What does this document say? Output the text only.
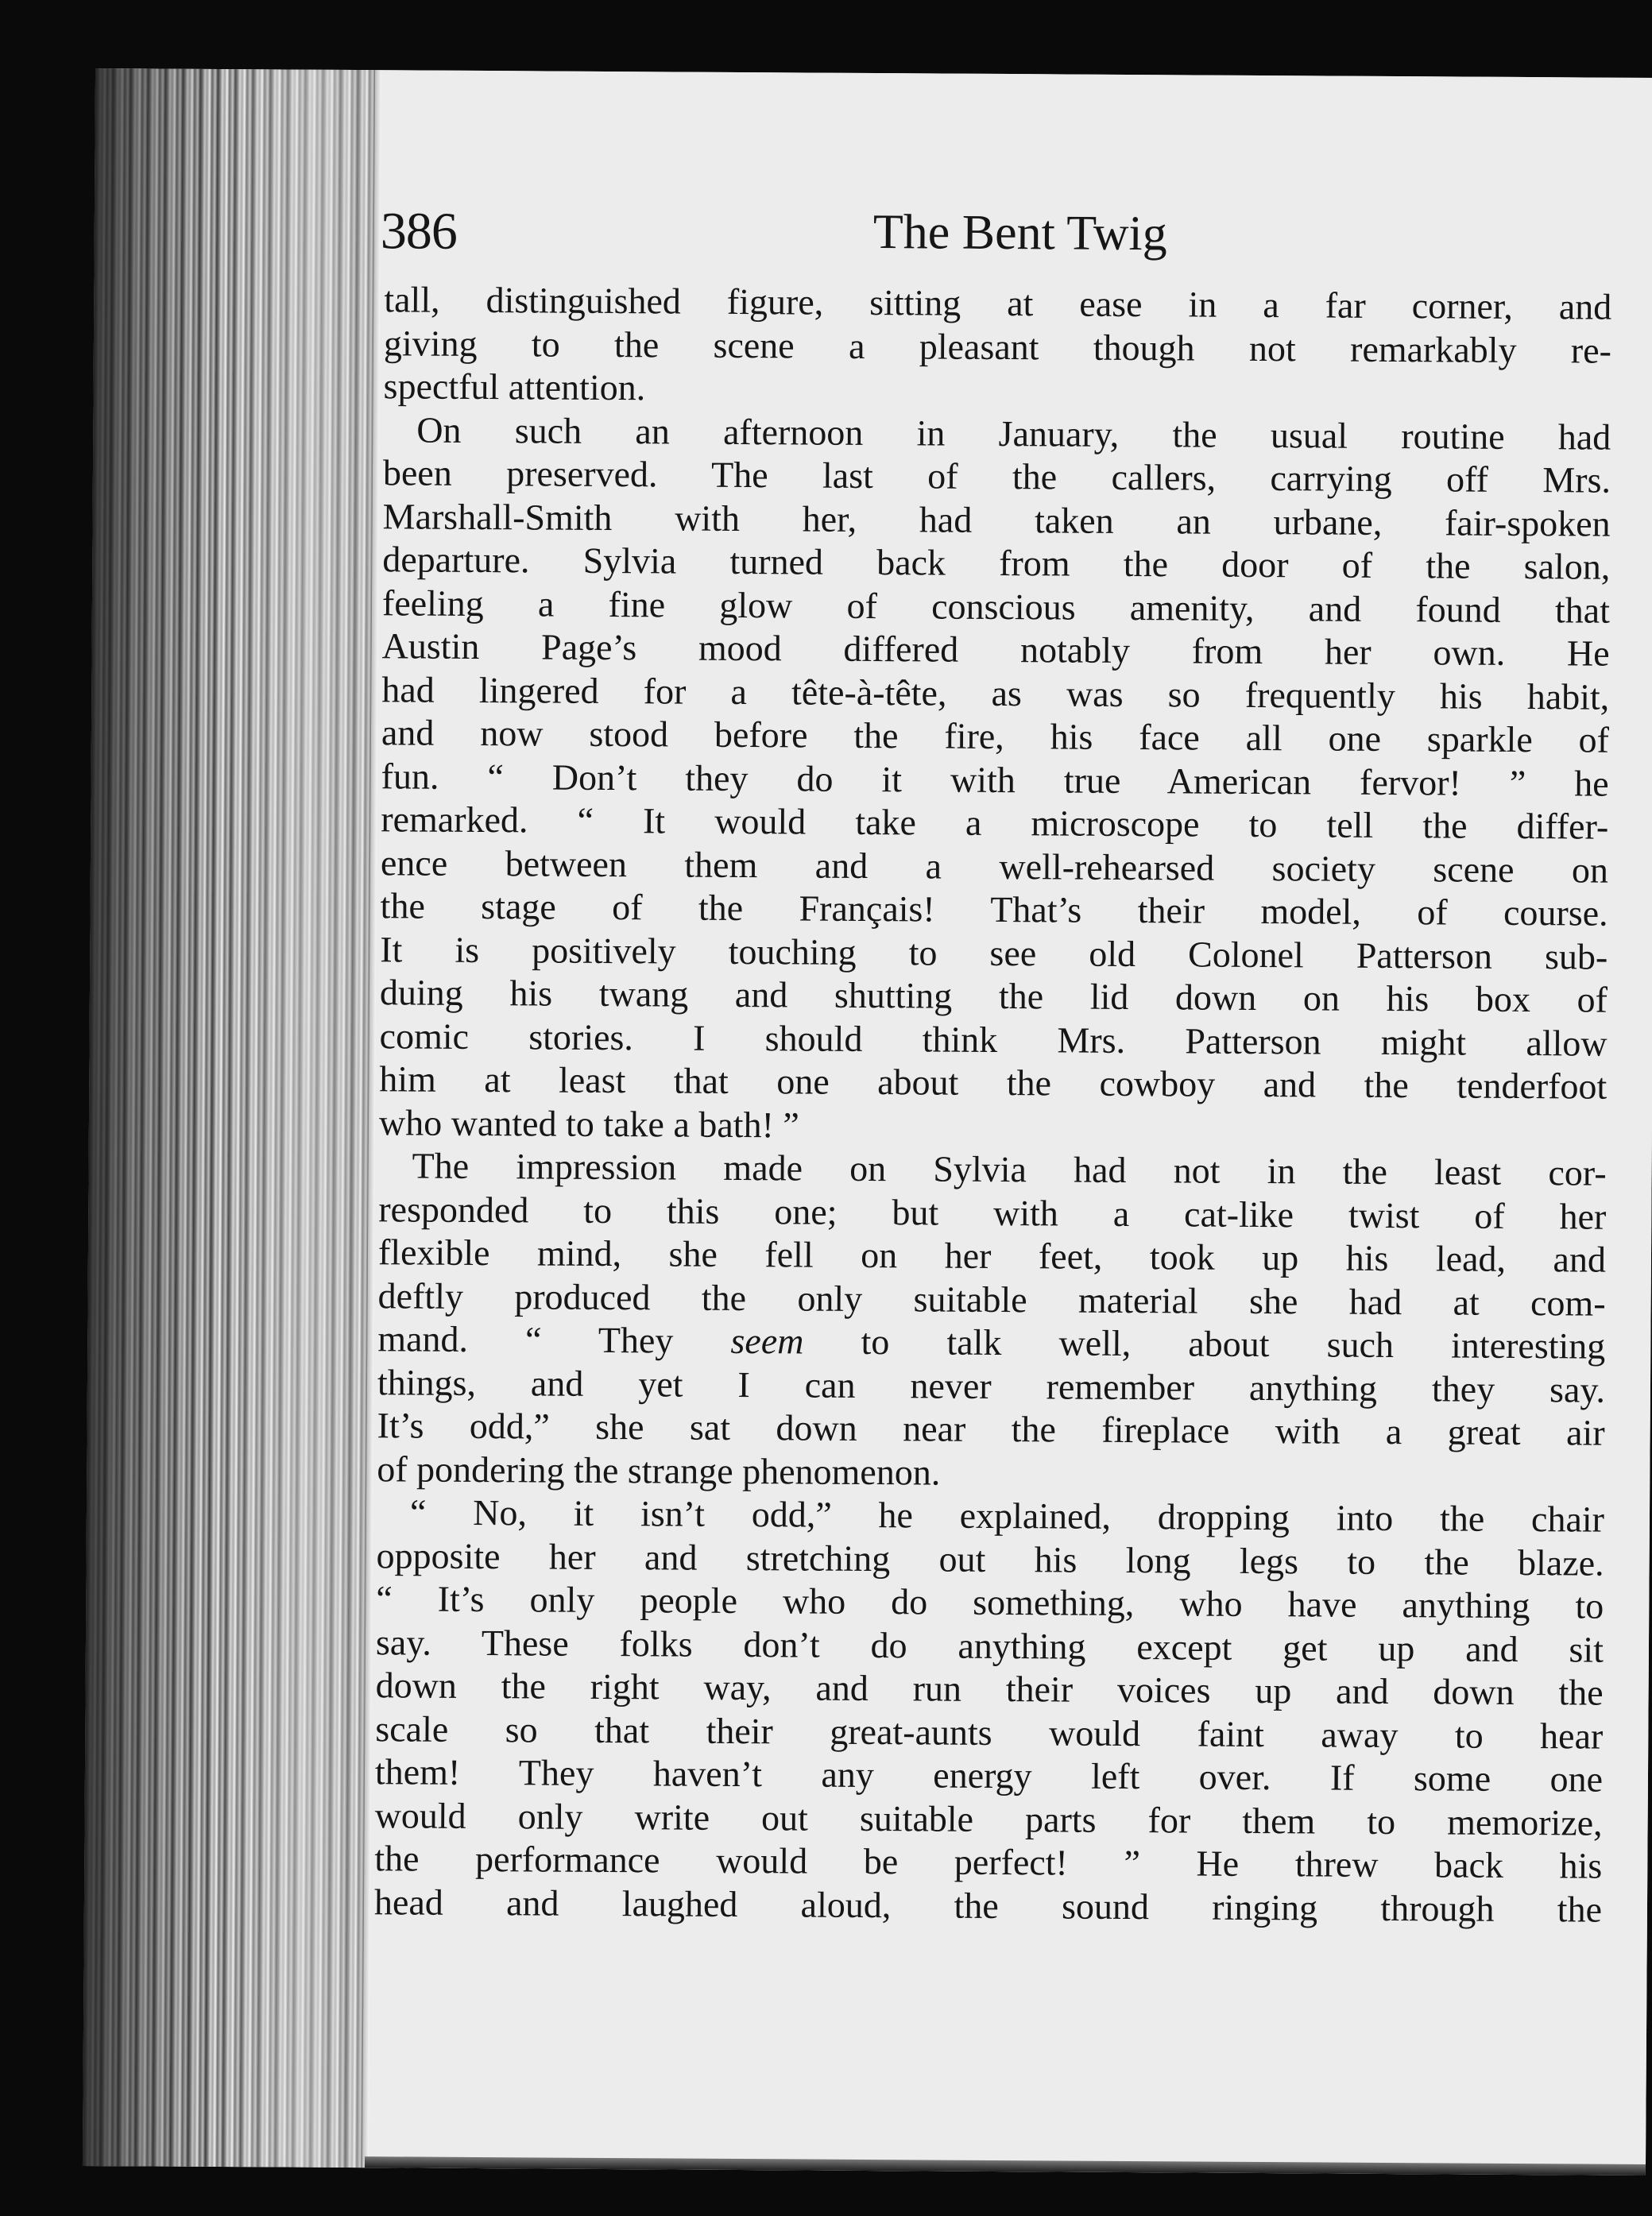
386	The Bent Twig
tall, distinguished figure, sitting at ease in a far corner, and
giving to the scene a pleasant though not remarkably re-
spectful attention.
On such an afternoon in January, the usual routine had
been preserved. The last of the callers, carrying off Mrs.
Marshall-Smith with her, had taken an urbane, fair-spoken
departure. Sylvia turned back from the door of the salon,
feeling a fine glow of conscious amenity, and found that
Austin Page’s mood differed notably from her own. He
had lingered for a tête-à-tête, as was so frequently his habit,
and now stood before the fire, his face all one sparkle of
fun. “ Don’t they do it with true American fervor! ” he
remarked. “ It would take a microscope to tell the differ-
ence between them and a well-rehearsed society scene on
the stage of the Français! That’s their model, of course.
It is positively touching to see old Colonel Patterson sub-
duing his twang and shutting the lid down on his box of
comic stories. I should think Mrs. Patterson might allow
him at least that one about the cowboy and the tenderfoot
who wanted to take a bath! ”
The impression made on Sylvia had not in the least cor-
responded to this one; but with a cat-like twist of her
flexible mind, she fell on her feet, took up his lead, and
deftly produced the only suitable material she had at com-
mand. “ They seem to talk well, about such interesting
things, and yet I can never remember anything they say.
It’s odd,” she sat down near the fireplace with a great air
of pondering the strange phenomenon.
“ No, it isn’t odd,” he explained, dropping into the chair
opposite her and stretching out his long legs to the blaze.
“ It’s only people who do something, who have anything to
say. These folks don’t do anything except get up and sit
down the right way, and run their voices up and down the
scale so that their great-aunts would faint away to hear
them! They haven’t any energy left over. If some one
would only write out suitable parts for them to memorize,
the performance would be perfect! ” He threw back his
head and laughed aloud, the sound ringing through the
